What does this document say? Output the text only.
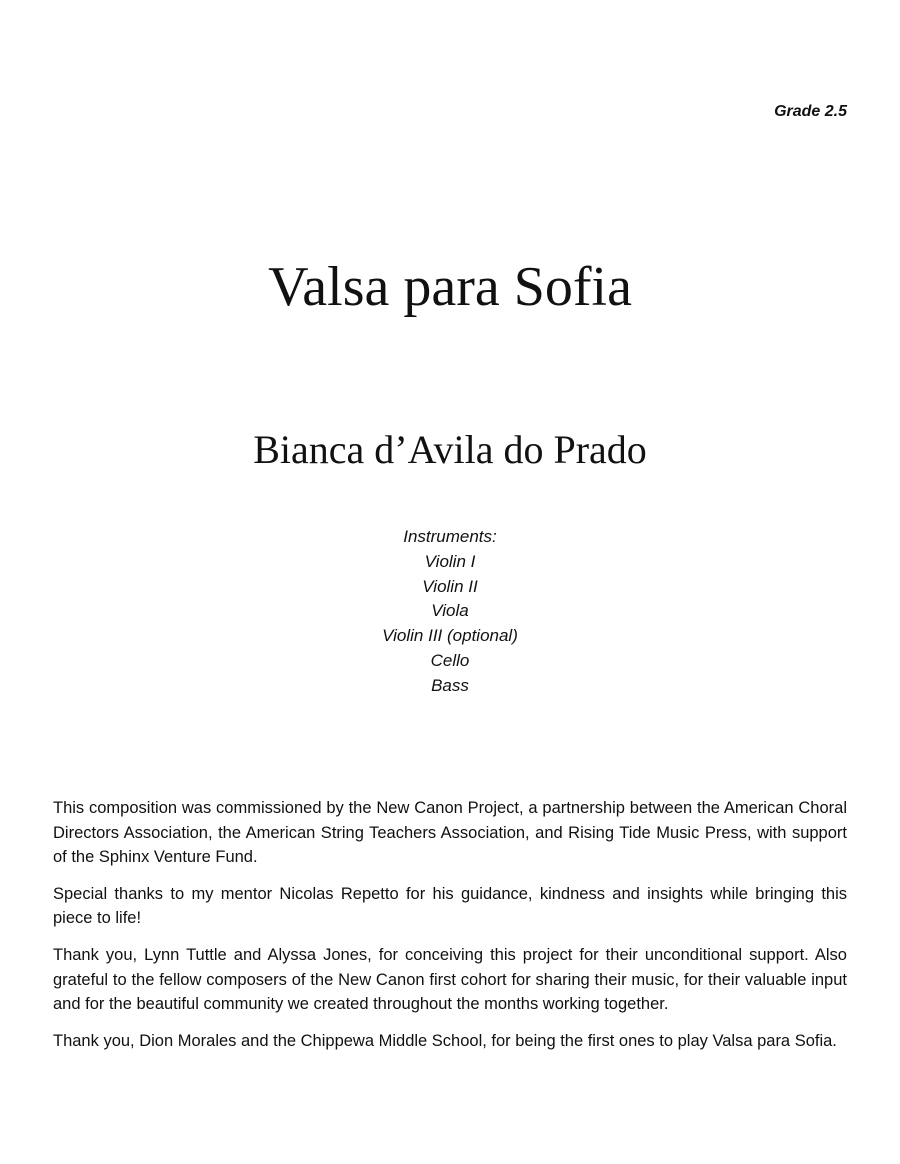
Grade 2.5
Valsa para Sofia
Bianca d’Avila do Prado
Instruments:
Violin I
Violin II
Viola
Violin III (optional)
Cello
Bass

This composition was commissioned by the New Canon Project, a partnership between the American Choral Directors Association, the American String Teachers Association, and Rising Tide Music Press, with support of the Sphinx Venture Fund.

Special thanks to my mentor Nicolas Repetto for his guidance, kindness and insights while bringing this piece to life!

Thank you, Lynn Tuttle and Alyssa Jones, for conceiving this project for their unconditional support. Also grateful to the fellow composers of the New Canon first cohort for sharing their music, for their valuable input and for the beautiful community we created throughout the months working together.

Thank you, Dion Morales and the Chippewa Middle School, for being the first ones to play Valsa para Sofia.
